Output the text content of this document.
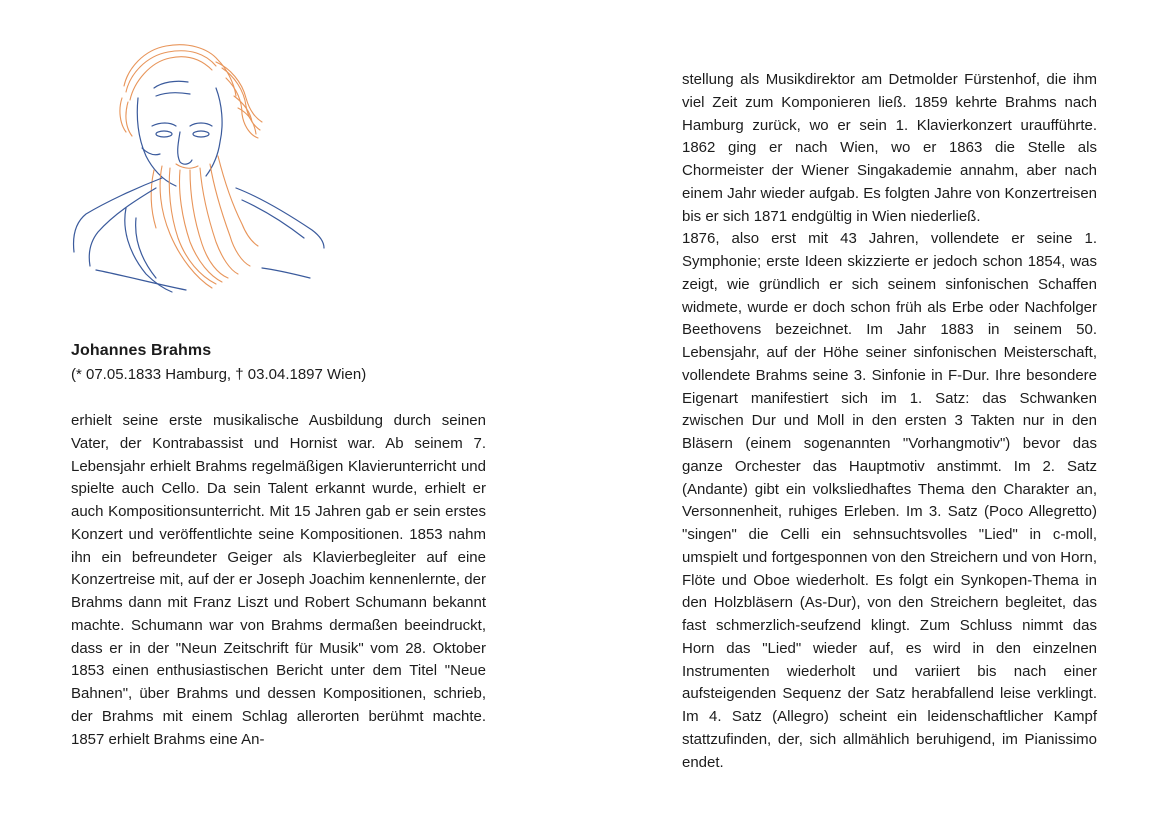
Johannes Brahms
(* 07.05.1833 Hamburg, † 03.04.1897 Wien)

erhielt seine erste musikalische Ausbildung durch seinen Vater, der Kontrabassist und Hornist war. Ab seinem 7. Lebensjahr erhielt Brahms regelmäßigen Klavierunterricht und spielte auch Cello. Da sein Talent erkannt wurde, erhielt er auch Kompositionsunterricht. Mit 15 Jahren gab er sein erstes Konzert und veröffentlichte seine Kompositionen. 1853 nahm ihn ein befreundeter Geiger als Klavierbegleiter auf eine Konzertreise mit, auf der er Joseph Joachim kennenlernte, der Brahms dann mit Franz Liszt und Robert Schumann bekannt machte. Schumann war von Brahms dermaßen beeindruckt, dass er in der "Neun Zeitschrift für Musik" vom 28. Oktober 1853 einen enthusiastischen Bericht unter dem Titel "Neue Bahnen", über Brahms und dessen Kompositionen, schrieb, der Brahms mit einem Schlag allerorten berühmt machte. 1857 erhielt Brahms eine An-

stellung als Musikdirektor am Detmolder Fürstenhof, die ihm viel Zeit zum Komponieren ließ. 1859 kehrte Brahms nach Hamburg zurück, wo er sein 1. Klavierkonzert uraufführte. 1862 ging er nach Wien, wo er 1863 die Stelle als Chormeister der Wiener Singakademie annahm, aber nach einem Jahr wieder aufgab. Es folgten Jahre von Konzertreisen bis er sich 1871 endgültig in Wien niederließ.

1876, also erst mit 43 Jahren, vollendete er seine 1. Symphonie; erste Ideen skizzierte er jedoch schon 1854, was zeigt, wie gründlich er sich seinem sinfonischen Schaffen widmete, wurde er doch schon früh als Erbe oder Nachfolger Beethovens bezeichnet. Im Jahr 1883 in seinem 50. Lebensjahr, auf der Höhe seiner sinfonischen Meisterschaft, vollendete Brahms seine 3. Sinfonie in F-Dur. Ihre besondere Eigenart manifestiert sich im 1. Satz: das Schwanken zwischen Dur und Moll in den ersten 3 Takten nur in den Bläsern (einem sogenannten "Vorhangmotiv") bevor das ganze Orchester das Hauptmotiv anstimmt. Im 2. Satz (Andante) gibt ein volksliedhaftes Thema den Charakter an, Versonnenheit, ruhiges Erleben. Im 3. Satz (Poco Allegretto) "singen" die Celli ein sehnsuchtsvolles "Lied" in c-moll, umspielt und fortgesponnen von den Streichern und von Horn, Flöte und Oboe wiederholt. Es folgt ein Synkopen-Thema in den Holzbläsern (As-Dur), von den Streichern begleitet, das fast schmerzlich-seufzend klingt. Zum Schluss nimmt das Horn das "Lied" wieder auf, es wird in den einzelnen Instrumenten wiederholt und variiert bis nach einer aufsteigenden Sequenz der Satz herabfallend leise verklingt. Im 4. Satz (Allegro) scheint ein leidenschaftlicher Kampf stattzufinden, der, sich allmählich beruhigend, im Pianissimo endet.
